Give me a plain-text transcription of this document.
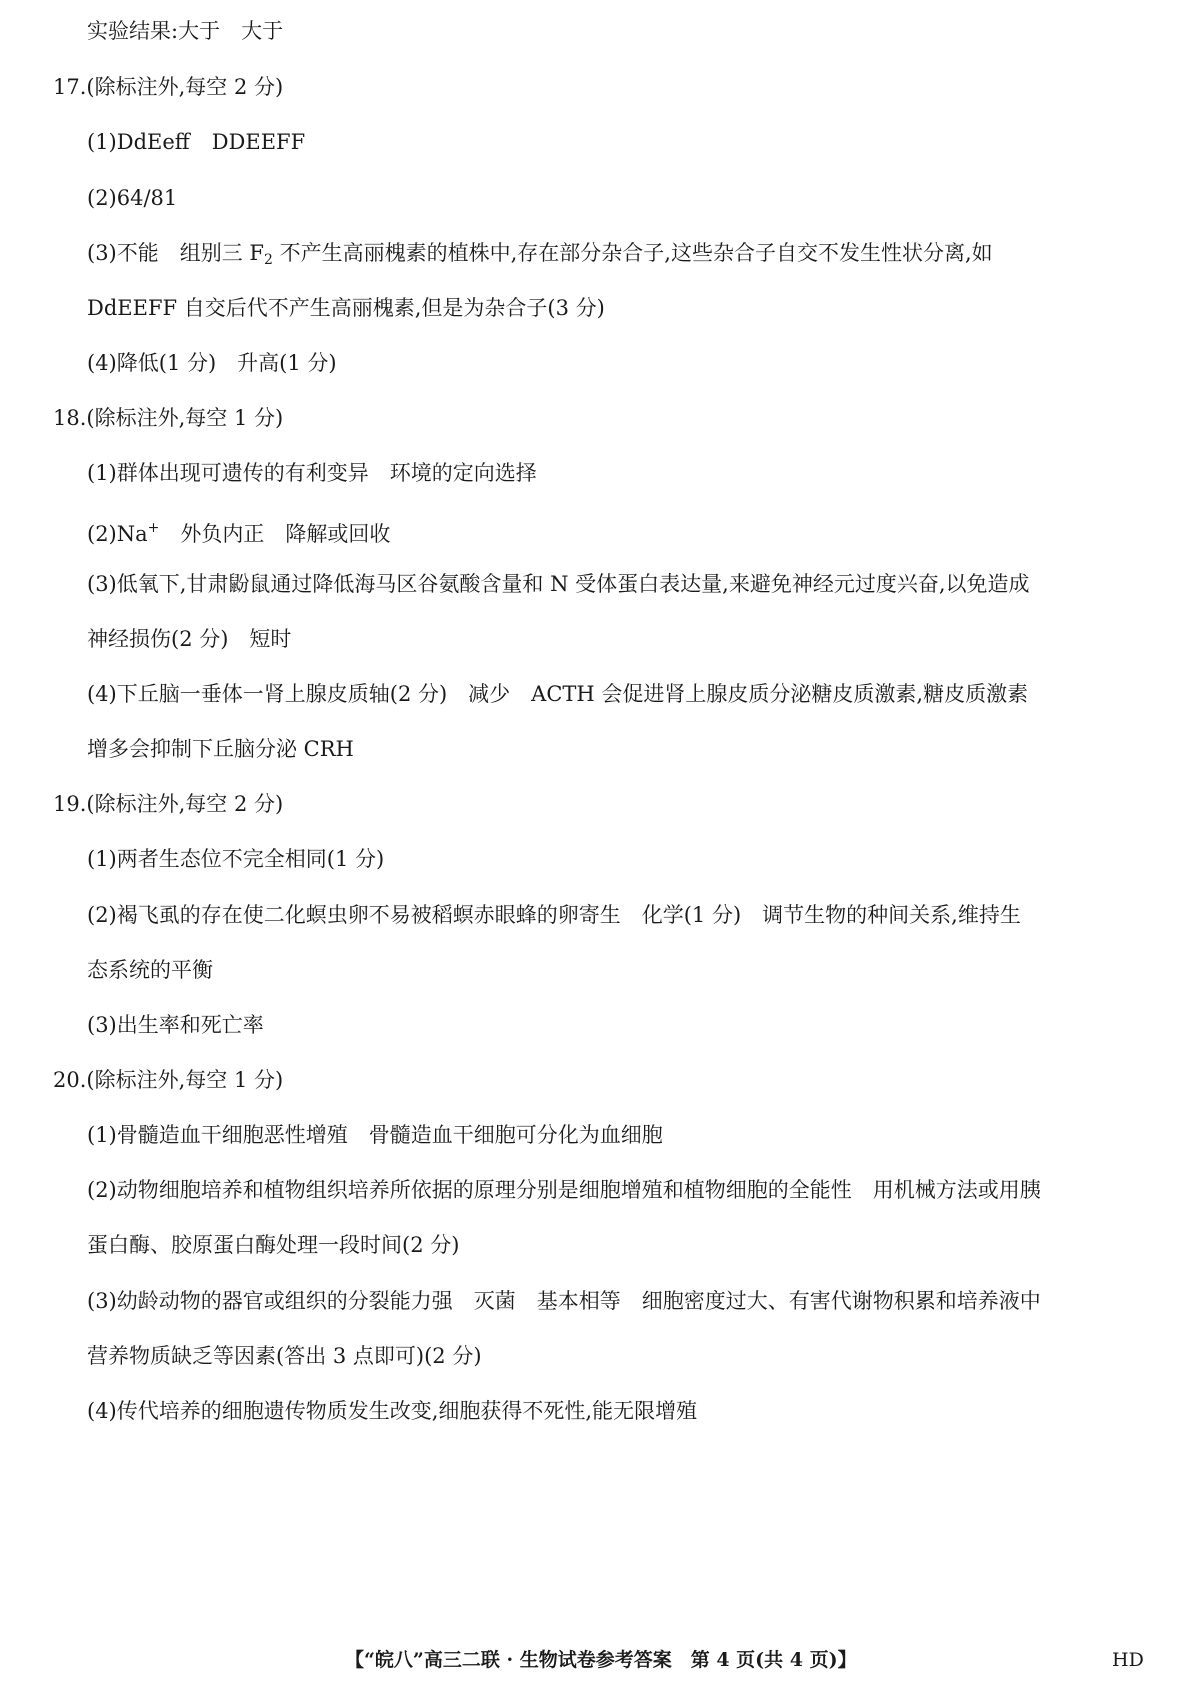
实验结果:大于　大于
17.(除标注外,每空 2 分)
(1)DdEeff DDEEFF
(2)64/81
(3)不能　组别三 $F_2$ 不产生高丽槐素的植株中,存在部分杂合子,这些杂合子自交不发生性状分离,如
DdEEFF 自交后代不产生高丽槐素,但是为杂合子(3 分)
(4)降低(1 分)　升高(1 分)
18.(除标注外,每空 1 分)
(1)群体出现可遗传的有利变异　环境的定向选择
(2)Na+　外负内正　降解或回收
(3)低氧下,甘肃鼢鼠通过降低海马区谷氨酸含量和 N 受体蛋白表达量,来避免神经元过度兴奋,以免造成
神经损伤(2 分)　短时
(4)下丘脑一垂体一肾上腺皮质轴(2 分)　减少　ACTH 会促进肾上腺皮质分泌糖皮质激素,糖皮质激素
增多会抑制下丘脑分泌 CRH
19.(除标注外,每空 2 分)
(1)两者生态位不完全相同(1 分)
(2)褐飞虱的存在使二化螟虫卵不易被稻螟赤眼蜂的卵寄生　化学(1 分)　调节生物的种间关系,维持生
态系统的平衡
(3)出生率和死亡率
20.(除标注外,每空 1 分)
(1)骨髓造血干细胞恶性增殖　骨髓造血干细胞可分化为血细胞
(2)动物细胞培养和植物组织培养所依据的原理分别是细胞增殖和植物细胞的全能性　用机械方法或用胰
蛋白酶、胶原蛋白酶处理一段时间(2 分)
(3)幼龄动物的器官或组织的分裂能力强　灭菌　基本相等　细胞密度过大、有害代谢物积累和培养液中
营养物质缺乏等因素(答出 3 点即可)(2 分)
(4)传代培养的细胞遗传物质发生改变,细胞获得不死性,能无限增殖
【“皖八”高三二联 · 生物试卷参考答案　第 4 页(共 4 页)】	HD
